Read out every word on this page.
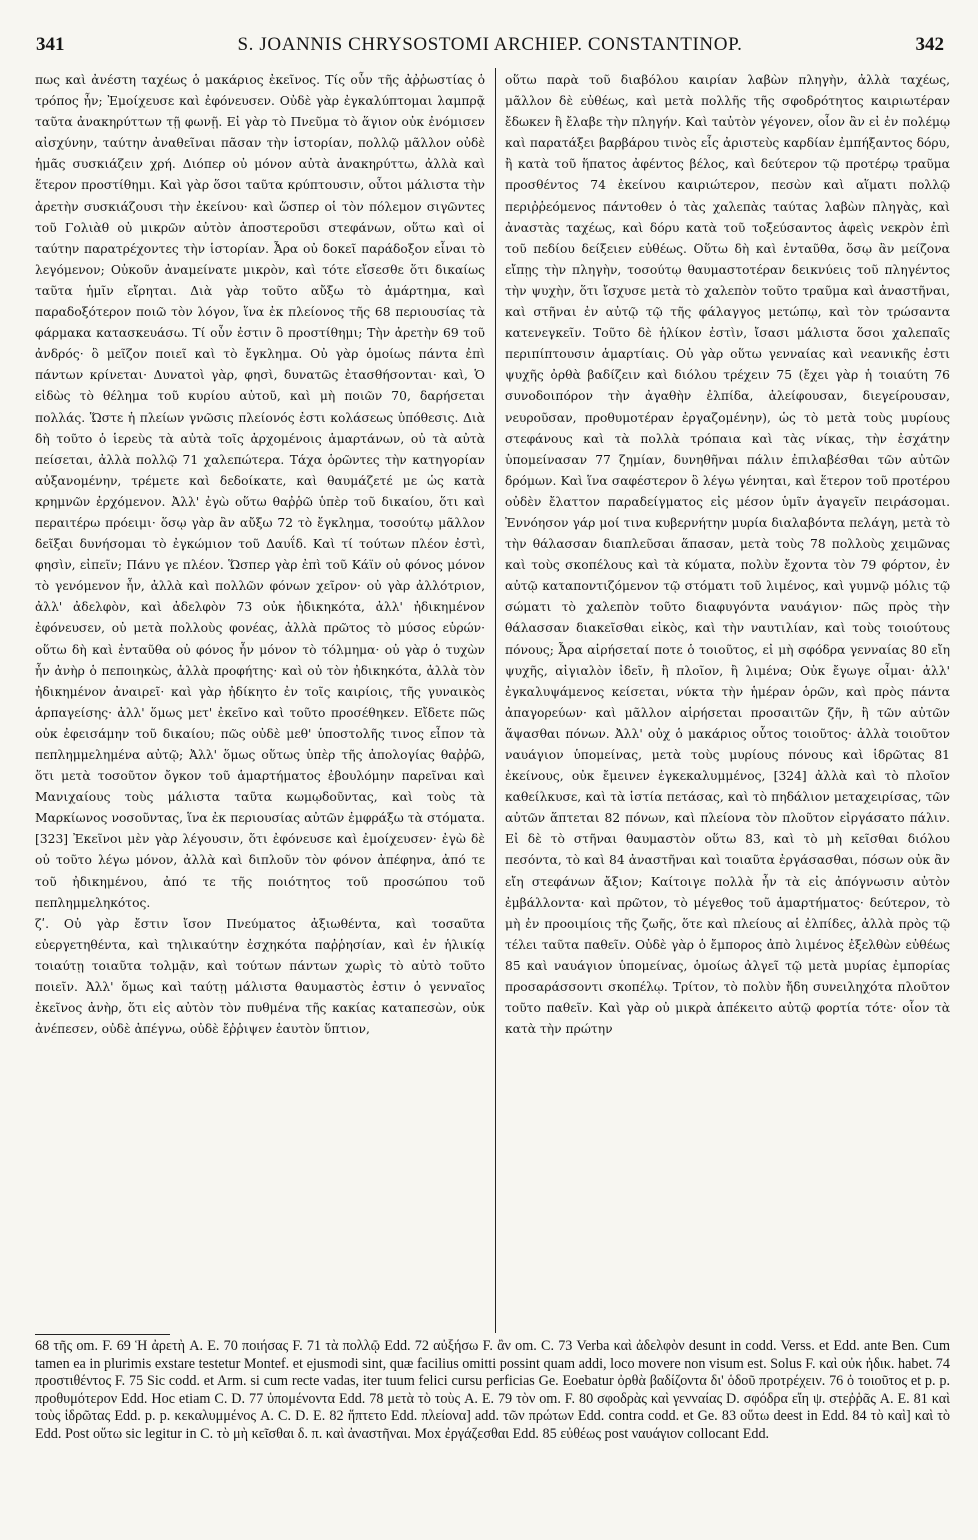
341	S. JOANNIS CHRYSOSTOMI ARCHIEP. CONSTANTINOP.	342

πως καὶ ἀνέστη ταχέως ὁ μακάριος ἐκεῖνος. Τίς οὖν τῆς ἀῤῥωστίας ὁ τρόπος ἦν; Ἐμοίχευσε καὶ ἐφόνευσεν. Οὐδὲ γὰρ ἐγκαλύπτομαι λαμπρᾷ ταῦτα ἀνακηρύττων τῇ φωνῇ. Εἰ γὰρ τὸ Πνεῦμα τὸ ἅγιον οὐκ ἐνόμισεν αἰσχύνην, ταύτην ἀναθεῖναι πᾶσαν τὴν ἱστορίαν, πολλῷ μᾶλλον οὐδὲ ἡμᾶς συσκιάζειν χρή. Διόπερ οὐ μόνον αὐτὰ ἀνακηρύττω, ἀλλὰ καὶ ἕτερον προστίθημι. Καὶ γὰρ ὅσοι ταῦτα κρύπτουσιν, οὗτοι μάλιστα τὴν ἀρετὴν συσκιάζουσι τὴν ἐκείνου· καὶ ὥσπερ οἱ τὸν πόλεμον σιγῶντες τοῦ Γολιὰθ οὐ μικρῶν αὐτὸν ἀποστεροῦσι στεφάνων, οὕτω καὶ οἱ ταύτην παρατρέχοντες τὴν ἱστορίαν. Ἆρα οὐ δοκεῖ παράδοξον εἶναι τὸ λεγόμενον; Οὐκοῦν ἀναμείνατε μικρὸν, καὶ τότε εἴσεσθε ὅτι δικαίως ταῦτα ἡμῖν εἴρηται. Διὰ γὰρ τοῦτο αὔξω τὸ ἁμάρτημα, καὶ παραδοξότερον ποιῶ τὸν λόγον, ἵνα ἐκ πλείονος τῆς 68 περιουσίας τὰ φάρμακα κατασκευάσω. Τί οὖν ἐστιν ὃ προστίθημι; Τὴν ἀρετὴν 69 τοῦ ἀνδρός· ὃ μεῖζον ποιεῖ καὶ τὸ ἔγκλημα. Οὐ γὰρ ὁμοίως πάντα ἐπὶ πάντων κρίνεται· Δυνατοὶ γὰρ, φησὶ, δυνατῶς ἐτασθήσονται· καὶ, Ὁ εἰδὼς τὸ θέλημα τοῦ κυρίου αὐτοῦ, καὶ μὴ ποιῶν 70, δαρήσεται πολλάς. Ὥστε ἡ πλείων γνῶσις πλείονός ἐστι κολάσεως ὑπόθεσις. Διὰ δὴ τοῦτο ὁ ἱερεὺς τὰ αὐτὰ τοῖς ἀρχομένοις ἁμαρτάνων, οὐ τὰ αὐτὰ πείσεται, ἀλλὰ πολλῷ 71 χαλεπώτερα. Τάχα ὁρῶντες τὴν κατηγορίαν αὐξανομένην, τρέμετε καὶ δεδοίκατε, καὶ θαυμάζετέ με ὡς κατὰ κρημνῶν ἐρχόμενον. Ἀλλ' ἐγὼ οὕτω θαῤῥῶ ὑπὲρ τοῦ δικαίου, ὅτι καὶ περαιτέρω πρόειμι· ὅσῳ γὰρ ἂν αὔξω 72 τὸ ἔγκλημα, τοσούτῳ μᾶλλον δεῖξαι δυνήσομαι τὸ ἐγκώμιον τοῦ Δαυΐδ. Καὶ τί τούτων πλέον ἐστὶ, φησὶν, εἰπεῖν; Πάνυ γε πλέον. Ὥσπερ γὰρ ἐπὶ τοῦ Κάϊν οὐ φόνος μόνον τὸ γενόμενον ἦν, ἀλλὰ καὶ πολλῶν φόνων χεῖρον· οὐ γὰρ ἀλλότριον, ἀλλ' ἀδελφὸν, καὶ ἀδελφὸν 73 οὐκ ἠδικηκότα, ἀλλ' ἠδικημένον ἐφόνευσεν, οὐ μετὰ πολλοὺς φονέας, ἀλλὰ πρῶτος τὸ μύσος εὑρών· οὕτω δὴ καὶ ἐνταῦθα οὐ φόνος ἦν μόνον τὸ τόλμημα· οὐ γὰρ ὁ τυχὼν ἦν ἀνὴρ ὁ πεποιηκὼς, ἀλλὰ προφήτης· καὶ οὐ τὸν ἠδικηκότα, ἀλλὰ τὸν ἠδικημένον ἀναιρεῖ· καὶ γὰρ ἠδίκητο ἐν τοῖς καιρίοις, τῆς γυναικὸς ἁρπαγείσης· ἀλλ' ὅμως μετ' ἐκεῖνο καὶ τοῦτο προσέθηκεν. Εἴδετε πῶς οὐκ ἐφεισάμην τοῦ δικαίου; πῶς οὐδὲ μεθ' ὑποστολῆς τινος εἶπον τὰ πεπλημμελημένα αὐτῷ; Ἀλλ' ὅμως οὕτως ὑπὲρ τῆς ἀπολογίας θαῤῥῶ, ὅτι μετὰ τοσοῦτον ὄγκον τοῦ ἁμαρτήματος ἐβουλόμην παρεῖναι καὶ Μανιχαίους τοὺς μάλιστα ταῦτα κωμῳδοῦντας, καὶ τοὺς τὰ Μαρκίωνος νοσοῦντας, ἵνα ἐκ περιουσίας αὐτῶν ἐμφράξω τὰ στόματα. [323] Ἐκεῖνοι μὲν γὰρ λέγουσιν, ὅτι ἐφόνευσε καὶ ἐμοίχευσεν· ἐγὼ δὲ οὐ τοῦτο λέγω μόνον, ἀλλὰ καὶ διπλοῦν τὸν φόνον ἀπέφηνα, ἀπό τε τοῦ ἠδικημένου, ἀπό τε τῆς ποιότητος τοῦ προσώπου τοῦ πεπλημμεληκότος.

ζʹ. Οὐ γὰρ ἔστιν ἴσον Πνεύματος ἀξιωθέντα, καὶ τοσαῦτα εὐεργετηθέντα, καὶ τηλικαύτην ἐσχηκότα παῤῥησίαν, καὶ ἐν ἡλικίᾳ τοιαύτῃ τοιαῦτα τολμᾷν, καὶ τούτων πάντων χωρὶς τὸ αὐτὸ τοῦτο ποιεῖν. Ἀλλ' ὅμως καὶ ταύτῃ μάλιστα θαυμαστὸς ἐστιν ὁ γενναῖος ἐκεῖνος ἀνὴρ, ὅτι εἰς αὐτὸν τὸν πυθμένα τῆς κακίας καταπεσὼν, οὐκ ἀνέπεσεν, οὐδὲ ἀπέγνω, οὐδὲ ἔῤῥιψεν ἑαυτὸν ὕπτιον,

οὕτω παρὰ τοῦ διαβόλου καιρίαν λαβὼν πληγὴν, ἀλλὰ ταχέως, μᾶλλον δὲ εὐθέως, καὶ μετὰ πολλῆς τῆς σφοδρότητος καιριωτέραν ἔδωκεν ἢ ἔλαβε τὴν πληγήν. Καὶ ταὐτὸν γέγονεν, οἷον ἂν εἰ ἐν πολέμῳ καὶ παρατάξει βαρβάρου τινὸς εἷς ἀριστεὺς καρδίαν ἐμπήξαντος δόρυ, ἢ κατὰ τοῦ ἥπατος ἀφέντος βέλος, καὶ δεύτερον τῷ προτέρῳ τραῦμα προσθέντος 74 ἐκείνου καιριώτερον, πεσὼν καὶ αἵματι πολλῷ περιῤῥεόμενος πάντοθεν ὁ τὰς χαλεπὰς ταύτας λαβὼν πληγὰς, καὶ ἀναστὰς ταχέως, καὶ δόρυ κατὰ τοῦ τοξεύσαντος ἀφεὶς νεκρὸν ἐπὶ τοῦ πεδίου δείξειεν εὐθέως. Οὕτω δὴ καὶ ἐνταῦθα, ὅσῳ ἂν μείζονα εἴπῃς τὴν πληγὴν, τοσούτῳ θαυμαστοτέραν δεικνύεις τοῦ πληγέντος τὴν ψυχὴν, ὅτι ἴσχυσε μετὰ τὸ χαλεπὸν τοῦτο τραῦμα καὶ ἀναστῆναι, καὶ στῆναι ἐν αὐτῷ τῷ τῆς φάλαγγος μετώπῳ, καὶ τὸν τρώσαντα κατενεγκεῖν. Τοῦτο δὲ ἡλίκον ἐστὶν, ἴσασι μάλιστα ὅσοι χαλεπαῖς περιπίπτουσιν ἁμαρτίαις. Οὐ γὰρ οὕτω γενναίας καὶ νεανικῆς ἐστι ψυχῆς ὀρθὰ βαδίζειν καὶ διόλου τρέχειν 75 (ἔχει γὰρ ἡ τοιαύτη 76 συνοδοιπόρον τὴν ἀγαθὴν ἐλπίδα, ἀλείφουσαν, διεγείρουσαν, νευροῦσαν, προθυμοτέραν ἐργαζομένην), ὡς τὸ μετὰ τοὺς μυρίους στεφάνους καὶ τὰ πολλὰ τρόπαια καὶ τὰς νίκας, τὴν ἐσχάτην ὑπομείνασαν 77 ζημίαν, δυνηθῆναι πάλιν ἐπιλαβέσθαι τῶν αὐτῶν δρόμων. Καὶ ἵνα σαφέστερον ὃ λέγω γένηται, καὶ ἕτερον τοῦ προτέρου οὐδὲν ἔλαττον παραδείγματος εἰς μέσον ὑμῖν ἀγαγεῖν πειράσομαι. Ἐννόησον γάρ μοί τινα κυβερνήτην μυρία διαλαβόντα πελάγη, μετὰ τὸ τὴν θάλασσαν διαπλεῦσαι ἅπασαν, μετὰ τοὺς 78 πολλοὺς χειμῶνας καὶ τοὺς σκοπέλους καὶ τὰ κύματα, πολὺν ἔχοντα τὸν 79 φόρτον, ἐν αὐτῷ καταποντιζόμενον τῷ στόματι τοῦ λιμένος, καὶ γυμνῷ μόλις τῷ σώματι τὸ χαλεπὸν τοῦτο διαφυγόντα ναυάγιον· πῶς πρὸς τὴν θάλασσαν διακεῖσθαι εἰκὸς, καὶ τὴν ναυτιλίαν, καὶ τοὺς τοιούτους πόνους; Ἆρα αἱρήσεταί ποτε ὁ τοιοῦτος, εἰ μὴ σφόδρα γενναίας 80 εἴη ψυχῆς, αἰγιαλὸν ἰδεῖν, ἢ πλοῖον, ἢ λιμένα; Οὐκ ἔγωγε οἶμαι· ἀλλ' ἐγκαλυψάμενος κείσεται, νύκτα τὴν ἡμέραν ὁρῶν, καὶ πρὸς πάντα ἀπαγορεύων· καὶ μᾶλλον αἱρήσεται προσαιτῶν ζῆν, ἢ τῶν αὐτῶν ἅψασθαι πόνων. Ἀλλ' οὐχ ὁ μακάριος οὗτος τοιοῦτος· ἀλλὰ τοιοῦτον ναυάγιον ὑπομείνας, μετὰ τοὺς μυρίους πόνους καὶ ἱδρῶτας 81 ἐκείνους, οὐκ ἔμεινεν ἐγκεκαλυμμένος, [324] ἀλλὰ καὶ τὸ πλοῖον καθείλκυσε, καὶ τὰ ἱστία πετάσας, καὶ τὸ πηδάλιον μεταχειρίσας, τῶν αὐτῶν ἅπτεται 82 πόνων, καὶ πλείονα τὸν πλοῦτον εἰργάσατο πάλιν. Εἰ δὲ τὸ στῆναι θαυμαστὸν οὕτω 83, καὶ τὸ μὴ κεῖσθαι διόλου πεσόντα, τὸ καὶ 84 ἀναστῆναι καὶ τοιαῦτα ἐργάσασθαι, πόσων οὐκ ἂν εἴη στεφάνων ἄξιον; Καίτοιγε πολλὰ ἦν τὰ εἰς ἀπόγνωσιν αὐτὸν ἐμβάλλοντα· καὶ πρῶτον, τὸ μέγεθος τοῦ ἁμαρτήματος· δεύτερον, τὸ μὴ ἐν προοιμίοις τῆς ζωῆς, ὅτε καὶ πλείους αἱ ἐλπίδες, ἀλλὰ πρὸς τῷ τέλει ταῦτα παθεῖν. Οὐδὲ γὰρ ὁ ἔμπορος ἀπὸ λιμένος ἐξελθὼν εὐθέως 85 καὶ ναυάγιον ὑπομείνας, ὁμοίως ἀλγεῖ τῷ μετὰ μυρίας ἐμπορίας προσαράσσοντι σκοπέλῳ. Τρίτον, τὸ πολὺν ἤδη συνειληχότα πλοῦτον τοῦτο παθεῖν. Καὶ γὰρ οὐ μικρὰ ἀπέκειτο αὐτῷ φορτία τότε· οἷον τὰ κατὰ τὴν πρώτην

68 τῆς om. F. 69 Ἡ ἀρετὴ A. E. 70 ποιήσας F. 71 τὰ πολλῷ Edd. 72 αὐξήσω F. ἂν om. C. 73 Verba καὶ ἀδελφὸν desunt in codd. Verss. et Edd. ante Ben. Cum tamen ea in plurimis exstare testetur Montef. et ejusmodi sint, quæ facilius omitti possint quam addi, loco movere non visum est. Solus F. καὶ οὐκ ἠδικ. habet. 74 προστιθέντος F. 75 Sic codd. et Arm. si cum recte vadas, iter tuum felici cursu perficias Ge. Eoebatur ὀρθὰ βαδίζοντα δι' ὁδοῦ προτρέχειν. 76 ὁ τοιοῦτος et p. p. προθυμότερον Edd. Hoc etiam C. D. 77 ὑπομένοντα Edd. 78 μετὰ τὸ τοὺς A. E. 79 τὸν om. F. 80 σφοδρὰς καὶ γενναίας D. σφόδρα εἴη ψ. στεῤῥᾶς A. E. 81 καὶ τοὺς ἱδρῶτας Edd. p. p. κεκαλυμμένος A. C. D. E. 82 ἥπτετο Edd. πλείονα] add. τῶν πρώτων Edd. contra codd. et Ge. 83 οὕτω deest in Edd. 84 τὸ καὶ] καὶ τὸ Edd. Post οὕτω sic legitur in C. τὸ μὴ κεῖσθαι δ. π. καὶ ἀναστῆναι. Mox ἐργάζεσθαι Edd. 85 εὐθέως post ναυάγιον collocant Edd.
